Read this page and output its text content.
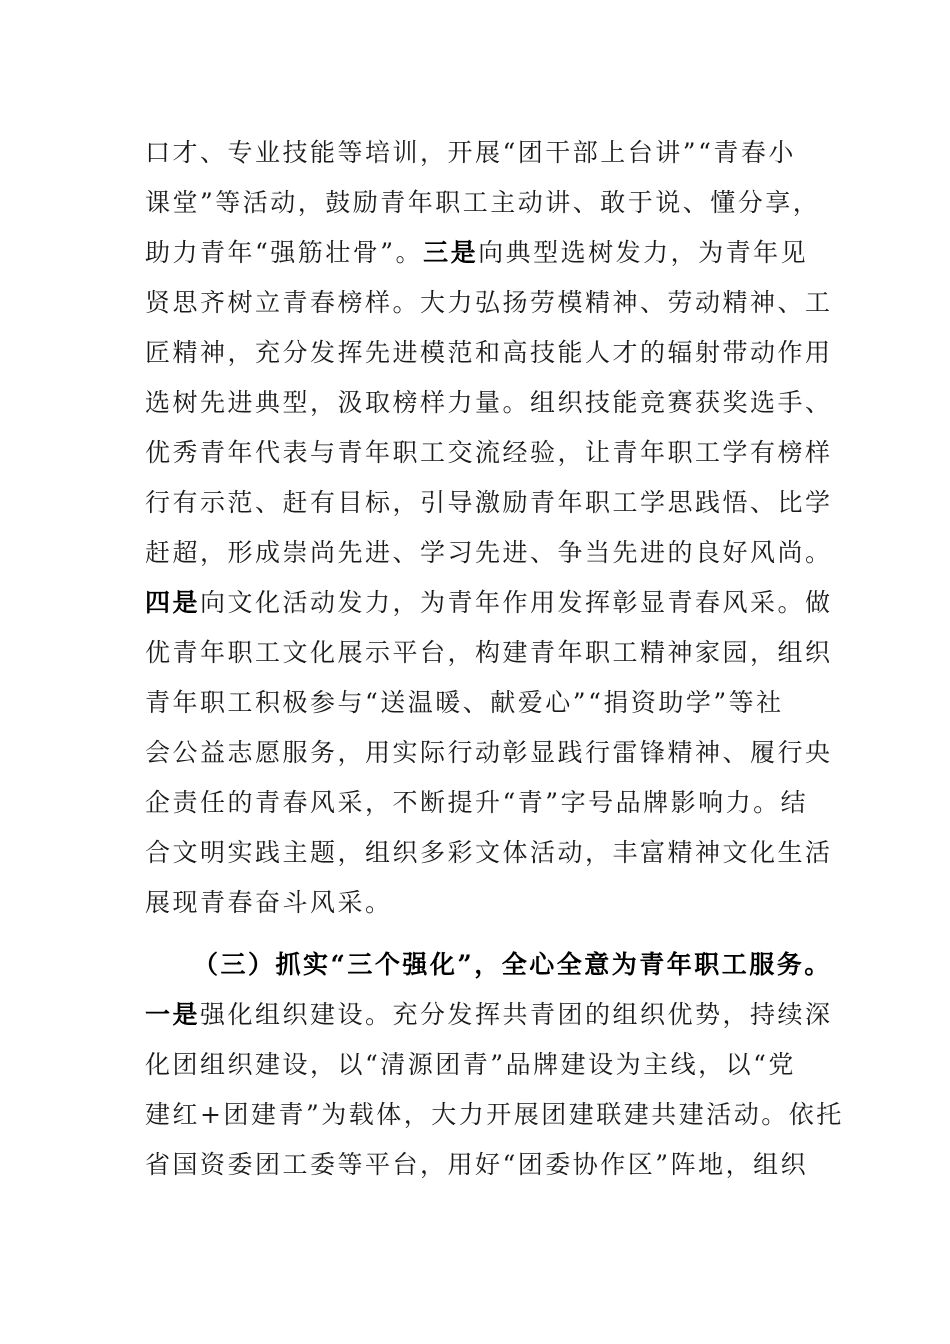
口才、专业技能等培训，开展“团干部上台讲”“青春小
课堂”等活动，鼓励青年职工主动讲、敢于说、懂分享，
助力青年“强筋壮骨”。三是向典型选树发力，为青年见
贤思齐树立青春榜样。大力弘扬劳模精神、劳动精神、工
匠精神，充分发挥先进模范和高技能人才的辐射带动作用
选树先进典型，汲取榜样力量。组织技能竞赛获奖选手、
优秀青年代表与青年职工交流经验，让青年职工学有榜样
行有示范、赶有目标，引导激励青年职工学思践悟、比学
赶超，形成崇尚先进、学习先进、争当先进的良好风尚。
四是向文化活动发力，为青年作用发挥彰显青春风采。做
优青年职工文化展示平台，构建青年职工精神家园，组织
青年职工积极参与“送温暖、献爱心”“捐资助学”等社
会公益志愿服务，用实际行动彰显践行雷锋精神、履行央
企责任的青春风采，不断提升“青”字号品牌影响力。结
合文明实践主题，组织多彩文体活动，丰富精神文化生活
展现青春奋斗风采。
（三）抓实“三个强化”，全心全意为青年职工服务。
一是强化组织建设。充分发挥共青团的组织优势，持续深
化团组织建设，以“清源团青”品牌建设为主线，以“党
建红+团建青”为载体，大力开展团建联建共建活动。依托
省国资委团工委等平台，用好“团委协作区”阵地，组织
